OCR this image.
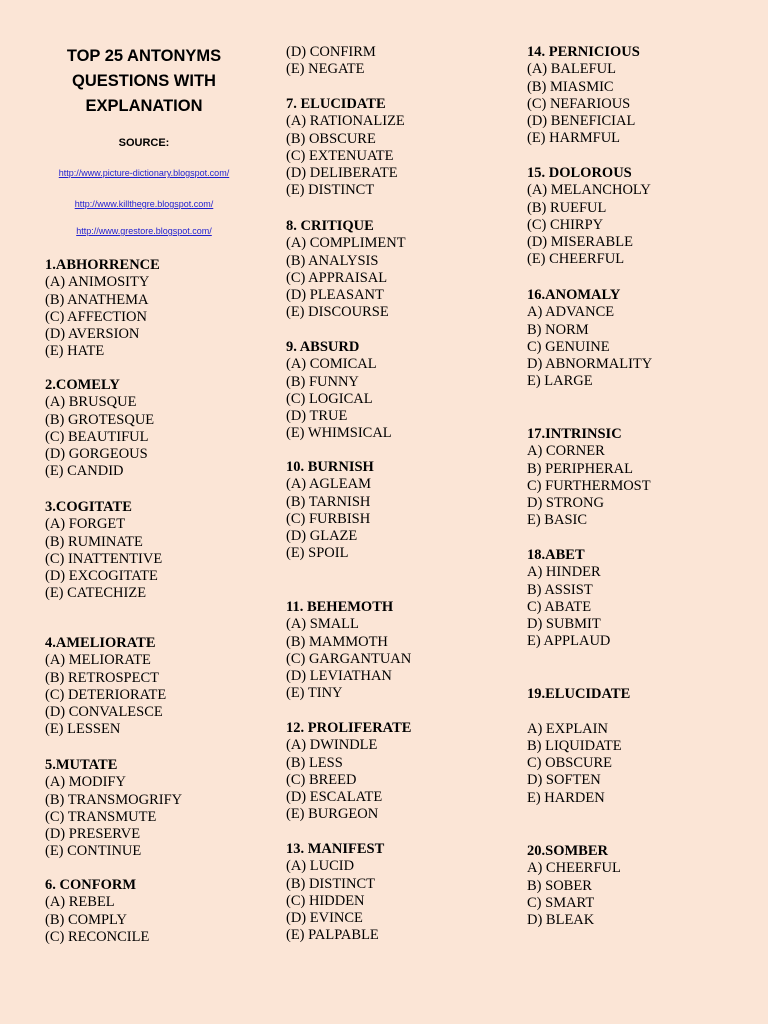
TOP 25 ANTONYMS
QUESTIONS WITH
EXPLANATION
SOURCE:
http://www.picture-dictionary.blogspot.com/
http://www.killthegre.blogspot.com/
http://www.grestore.blogspot.com/
1.ABHORRENCE
(A) ANIMOSITY
(B) ANATHEMA
(C) AFFECTION
(D) AVERSION
(E) HATE
2.COMELY
(A) BRUSQUE
(B) GROTESQUE
(C) BEAUTIFUL
(D) GORGEOUS
(E) CANDID
3.COGITATE
(A) FORGET
(B) RUMINATE
(C) INATTENTIVE
(D) EXCOGITATE
(E) CATECHIZE
4.AMELIORATE
(A) MELIORATE
(B) RETROSPECT
(C) DETERIORATE
(D) CONVALESCE
(E) LESSEN
5.MUTATE
(A) MODIFY
(B) TRANSMOGRIFY
(C) TRANSMUTE
(D) PRESERVE
(E) CONTINUE
6. CONFORM
(A) REBEL
(B) COMPLY
(C) RECONCILE
(D) CONFIRM
(E) NEGATE
7. ELUCIDATE
(A) RATIONALIZE
(B) OBSCURE
(C) EXTENUATE
(D) DELIBERATE
(E) DISTINCT
8. CRITIQUE
(A) COMPLIMENT
(B) ANALYSIS
(C) APPRAISAL
(D) PLEASANT
(E) DISCOURSE
9. ABSURD
(A) COMICAL
(B) FUNNY
(C) LOGICAL
(D) TRUE
(E) WHIMSICAL
10. BURNISH
(A) AGLEAM
(B) TARNISH
(C) FURBISH
(D) GLAZE
(E) SPOIL
11. BEHEMOTH
(A) SMALL
(B) MAMMOTH
(C) GARGANTUAN
(D) LEVIATHAN
(E) TINY
12. PROLIFERATE
(A) DWINDLE
(B) LESS
(C) BREED
(D) ESCALATE
(E) BURGEON
13. MANIFEST
(A) LUCID
(B) DISTINCT
(C) HIDDEN
(D) EVINCE
(E) PALPABLE
14. PERNICIOUS
(A) BALEFUL
(B) MIASMIC
(C) NEFARIOUS
(D) BENEFICIAL
(E) HARMFUL
15. DOLOROUS
(A) MELANCHOLY
(B) RUEFUL
(C) CHIRPY
(D) MISERABLE
(E) CHEERFUL
16.ANOMALY
A) ADVANCE
B) NORM
C) GENUINE
D) ABNORMALITY
E) LARGE
17.INTRINSIC
A) CORNER
B) PERIPHERAL
C) FURTHERMOST
D) STRONG
E) BASIC
18.ABET
A) HINDER
B) ASSIST
C) ABATE
D) SUBMIT
E) APPLAUD
19.ELUCIDATE
A) EXPLAIN
B) LIQUIDATE
C) OBSCURE
D) SOFTEN
E) HARDEN
20.SOMBER
A) CHEERFUL
B) SOBER
C) SMART
D) BLEAK
